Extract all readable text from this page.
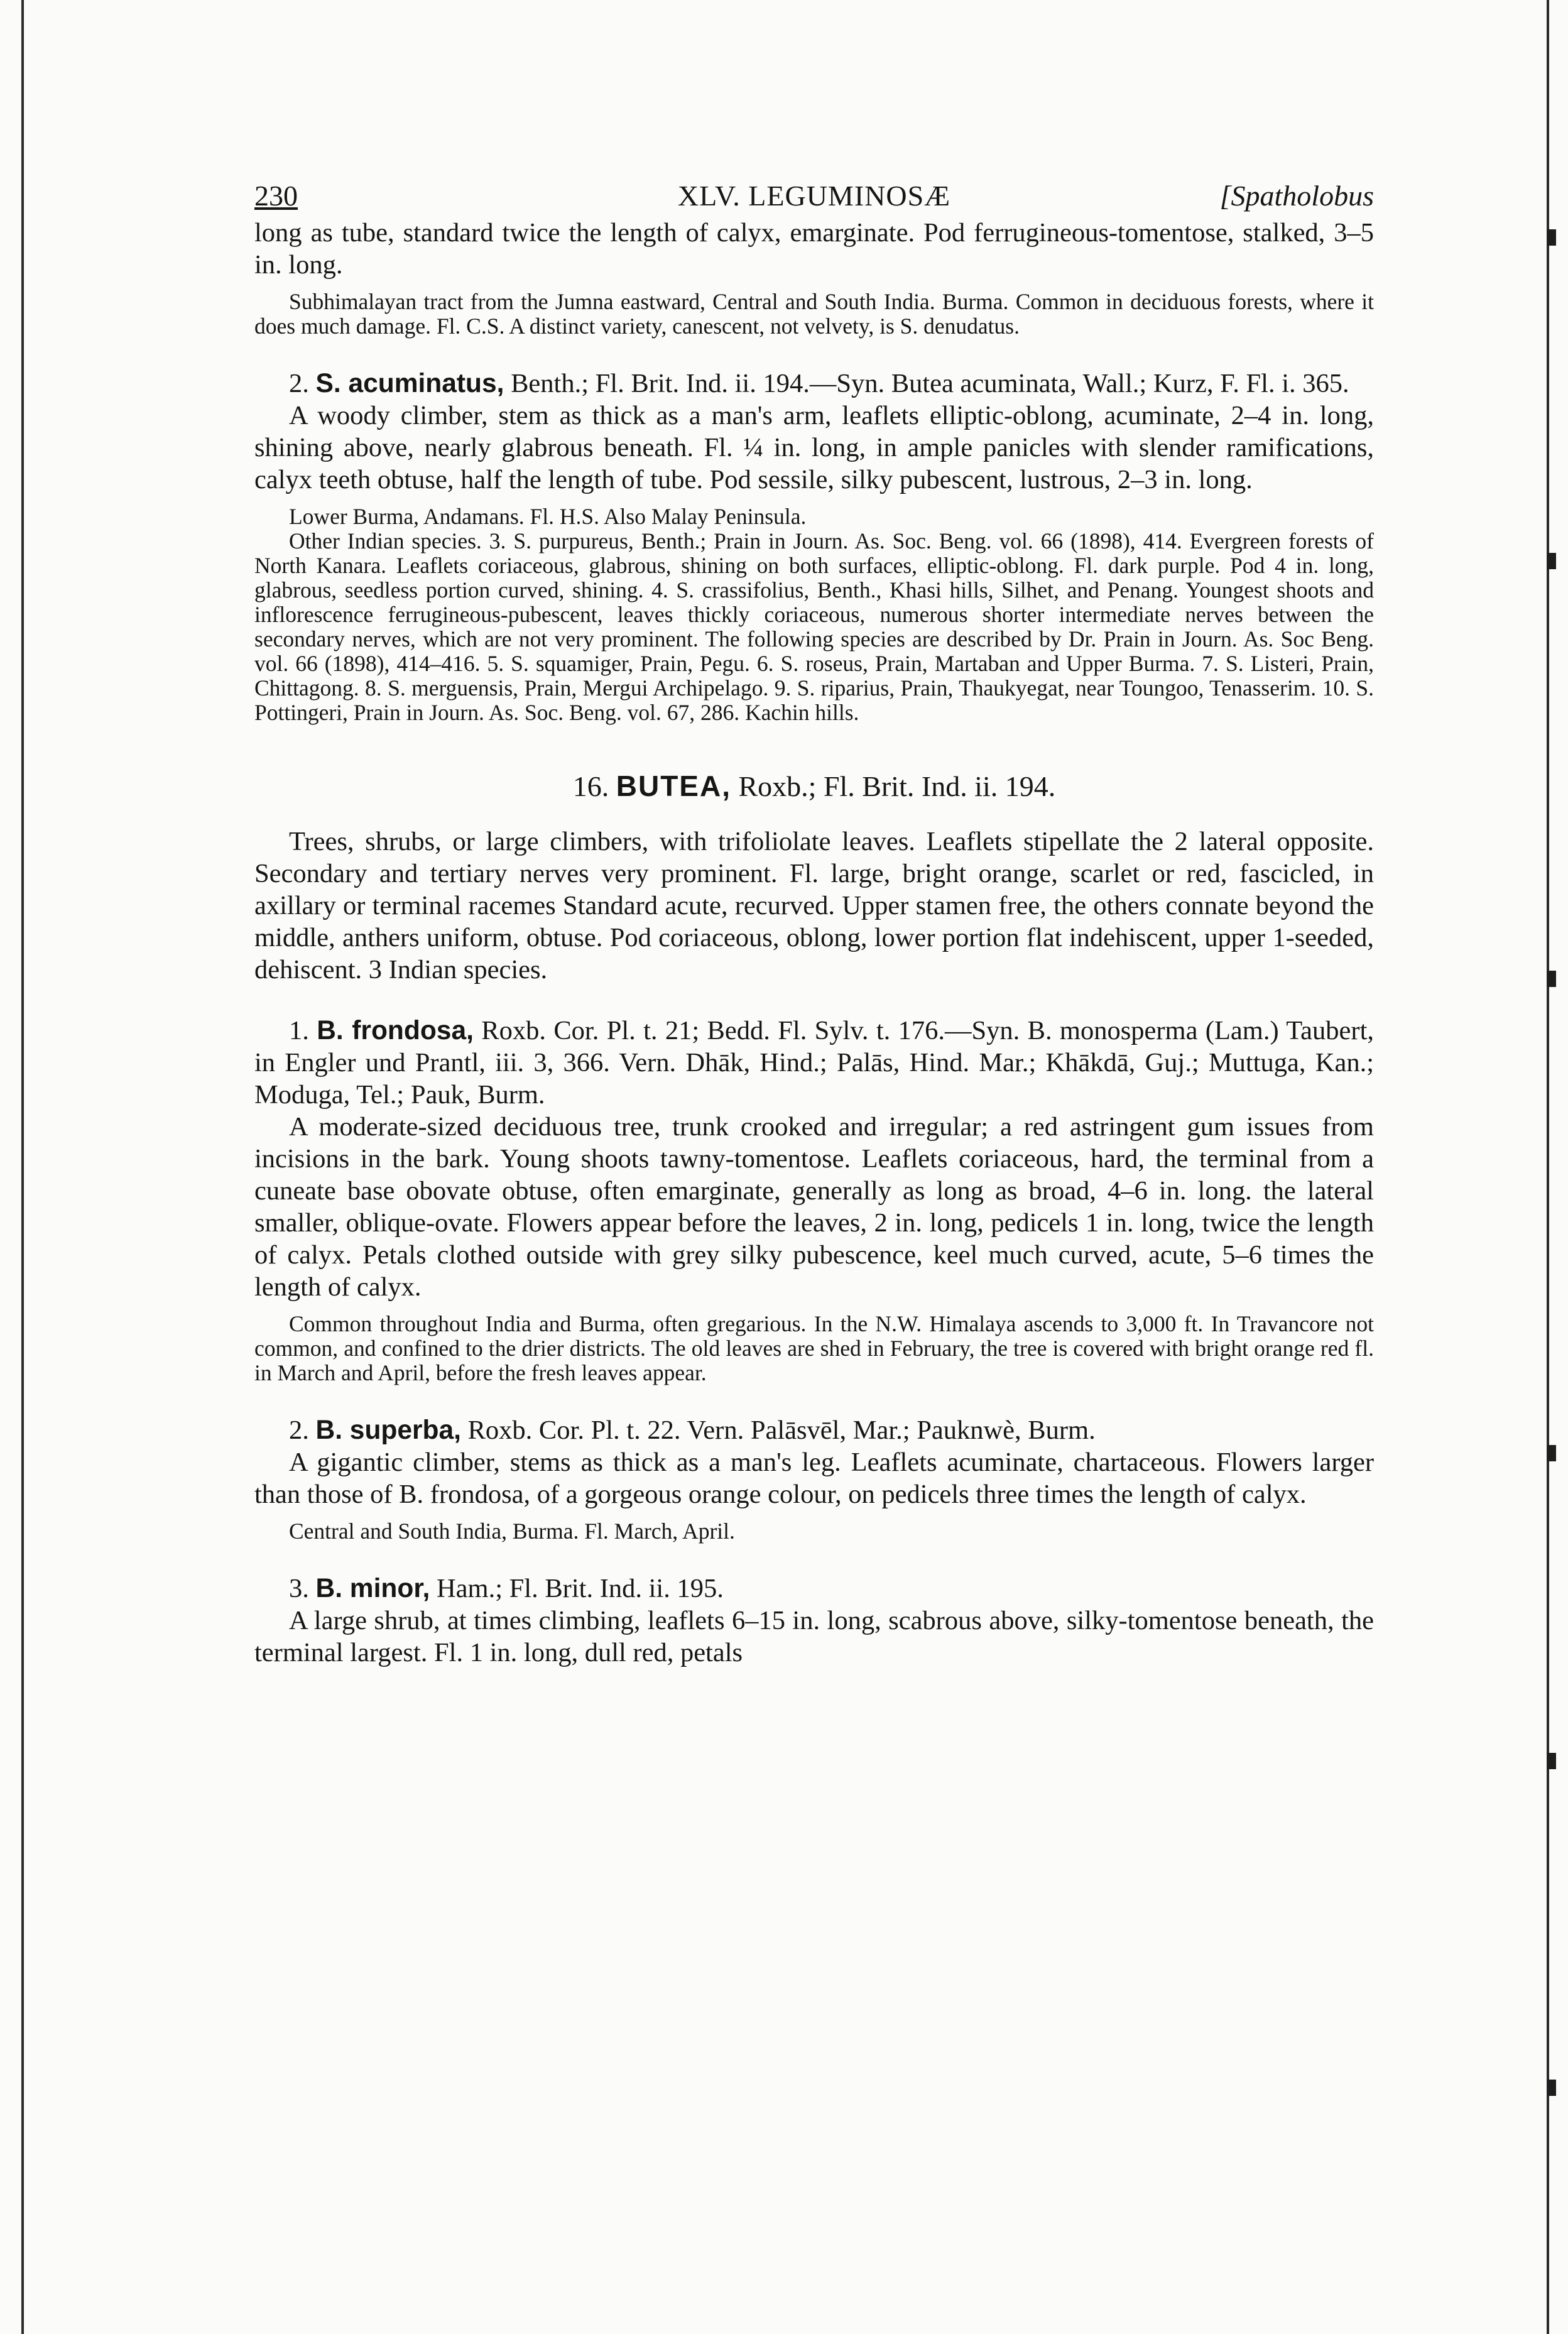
230	XLV. LEGUMINOSÆ	[Spatholobus

long as tube, standard twice the length of calyx, emarginate. Pod ferrugineous-tomentose, stalked, 3–5 in. long.

Subhimalayan tract from the Jumna eastward, Central and South India. Burma. Common in deciduous forests, where it does much damage. Fl. C.S. A distinct variety, canescent, not velvety, is S. denudatus.

2. S. acuminatus, Benth.; Fl. Brit. Ind. ii. 194.—Syn. Butea acuminata, Wall.; Kurz, F. Fl. i. 365.

A woody climber, stem as thick as a man's arm, leaflets elliptic-oblong, acuminate, 2–4 in. long, shining above, nearly glabrous beneath. Fl. ¼ in. long, in ample panicles with slender ramifications, calyx teeth obtuse, half the length of tube. Pod sessile, silky pubescent, lustrous, 2–3 in. long.

Lower Burma, Andamans. Fl. H.S. Also Malay Peninsula.

Other Indian species. 3. S. purpureus, Benth.; Prain in Journ. As. Soc. Beng. vol. 66 (1898), 414. Evergreen forests of North Kanara. Leaflets coriaceous, glabrous, shining on both surfaces, elliptic-oblong. Fl. dark purple. Pod 4 in. long, glabrous, seedless portion curved, shining. 4. S. crassifolius, Benth., Khasi hills, Silhet, and Penang. Youngest shoots and inflorescence ferrugineous-pubescent, leaves thickly coriaceous, numerous shorter intermediate nerves between the secondary nerves, which are not very prominent. The following species are described by Dr. Prain in Journ. As. Soc Beng. vol. 66 (1898), 414–416. 5. S. squamiger, Prain, Pegu. 6. S. roseus, Prain, Martaban and Upper Burma. 7. S. Listeri, Prain, Chittagong. 8. S. merguensis, Prain, Mergui Archipelago. 9. S. riparius, Prain, Thaukyegat, near Toungoo, Tenasserim. 10. S. Pottingeri, Prain in Journ. As. Soc. Beng. vol. 67, 286. Kachin hills.

16. BUTEA, Roxb.; Fl. Brit. Ind. ii. 194.

Trees, shrubs, or large climbers, with trifoliolate leaves. Leaflets stipellate the 2 lateral opposite. Secondary and tertiary nerves very prominent. Fl. large, bright orange, scarlet or red, fascicled, in axillary or terminal racemes Standard acute, recurved. Upper stamen free, the others connate beyond the middle, anthers uniform, obtuse. Pod coriaceous, oblong, lower portion flat indehiscent, upper 1-seeded, dehiscent. 3 Indian species.

1. B. frondosa, Roxb. Cor. Pl. t. 21; Bedd. Fl. Sylv. t. 176.—Syn. B. monosperma (Lam.) Taubert, in Engler und Prantl, iii. 3, 366. Vern. Dhāk, Hind.; Palās, Hind. Mar.; Khākdā, Guj.; Muttuga, Kan.; Moduga, Tel.; Pauk, Burm.

A moderate-sized deciduous tree, trunk crooked and irregular; a red astringent gum issues from incisions in the bark. Young shoots tawny-tomentose. Leaflets coriaceous, hard, the terminal from a cuneate base obovate obtuse, often emarginate, generally as long as broad, 4–6 in. long. the lateral smaller, oblique-ovate. Flowers appear before the leaves, 2 in. long, pedicels 1 in. long, twice the length of calyx. Petals clothed outside with grey silky pubescence, keel much curved, acute, 5–6 times the length of calyx.

Common throughout India and Burma, often gregarious. In the N.W. Himalaya ascends to 3,000 ft. In Travancore not common, and confined to the drier districts. The old leaves are shed in February, the tree is covered with bright orange red fl. in March and April, before the fresh leaves appear.

2. B. superba, Roxb. Cor. Pl. t. 22. Vern. Palāsvēl, Mar.; Pauknwè, Burm.

A gigantic climber, stems as thick as a man's leg. Leaflets acuminate, chartaceous. Flowers larger than those of B. frondosa, of a gorgeous orange colour, on pedicels three times the length of calyx.

Central and South India, Burma. Fl. March, April.

3. B. minor, Ham.; Fl. Brit. Ind. ii. 195.

A large shrub, at times climbing, leaflets 6–15 in. long, scabrous above, silky-tomentose beneath, the terminal largest. Fl. 1 in. long, dull red, petals
